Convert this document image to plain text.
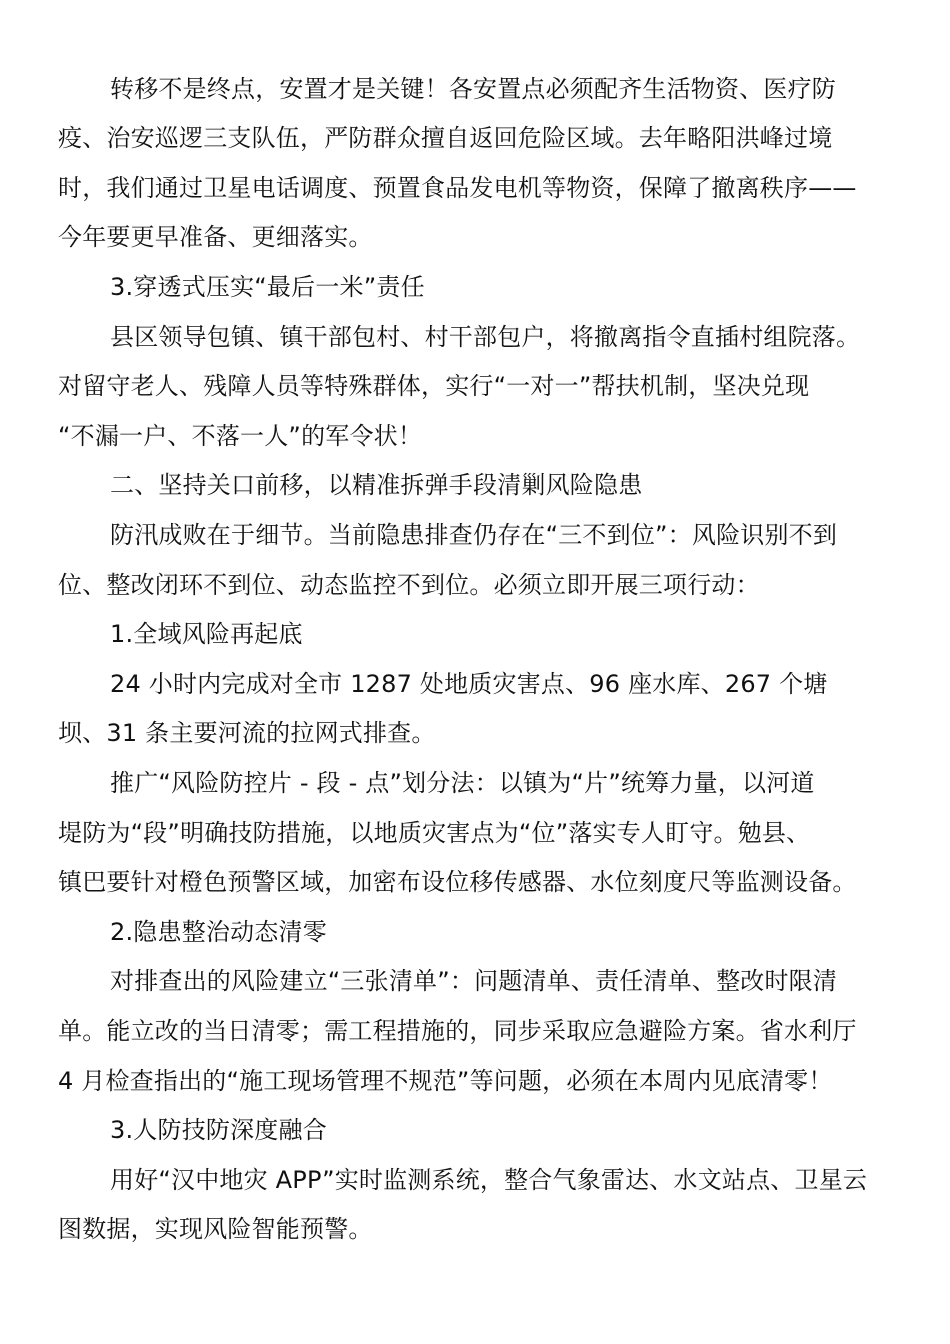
转移不是终点，安置才是关键！各安置点必须配齐生活物资、医疗防
疫、治安巡逻三支队伍，严防群众擅自返回危险区域。去年略阳洪峰过境
时，我们通过卫星电话调度、预置食品发电机等物资，保障了撤离秩序——
今年要更早准备、更细落实。
3.穿透式压实“最后一米”责任
县区领导包镇、镇干部包村、村干部包户，将撤离指令直插村组院落。
对留守老人、残障人员等特殊群体，实行“一对一”帮扶机制，坚决兑现
“不漏一户、不落一人”的军令状！
二、坚持关口前移，以精准拆弹手段清剿风险隐患
防汛成败在于细节。当前隐患排查仍存在“三不到位”：风险识别不到
位、整改闭环不到位、动态监控不到位。必须立即开展三项行动：
1.全域风险再起底
24 小时内完成对全市 1287 处地质灾害点、96 座水库、267 个塘
坝、31 条主要河流的拉网式排查。
推广“风险防控片 - 段 - 点”划分法：以镇为“片”统筹力量，以河道
堤防为“段”明确技防措施，以地质灾害点为“位”落实专人盯守。勉县、
镇巴要针对橙色预警区域，加密布设位移传感器、水位刻度尺等监测设备。
2.隐患整治动态清零
对排查出的风险建立“三张清单”：问题清单、责任清单、整改时限清
单。能立改的当日清零；需工程措施的，同步采取应急避险方案。省水利厅
4 月检查指出的“施工现场管理不规范”等问题，必须在本周内见底清零！
3.人防技防深度融合
用好“汉中地灾 APP”实时监测系统，整合气象雷达、水文站点、卫星云
图数据，实现风险智能预警。
